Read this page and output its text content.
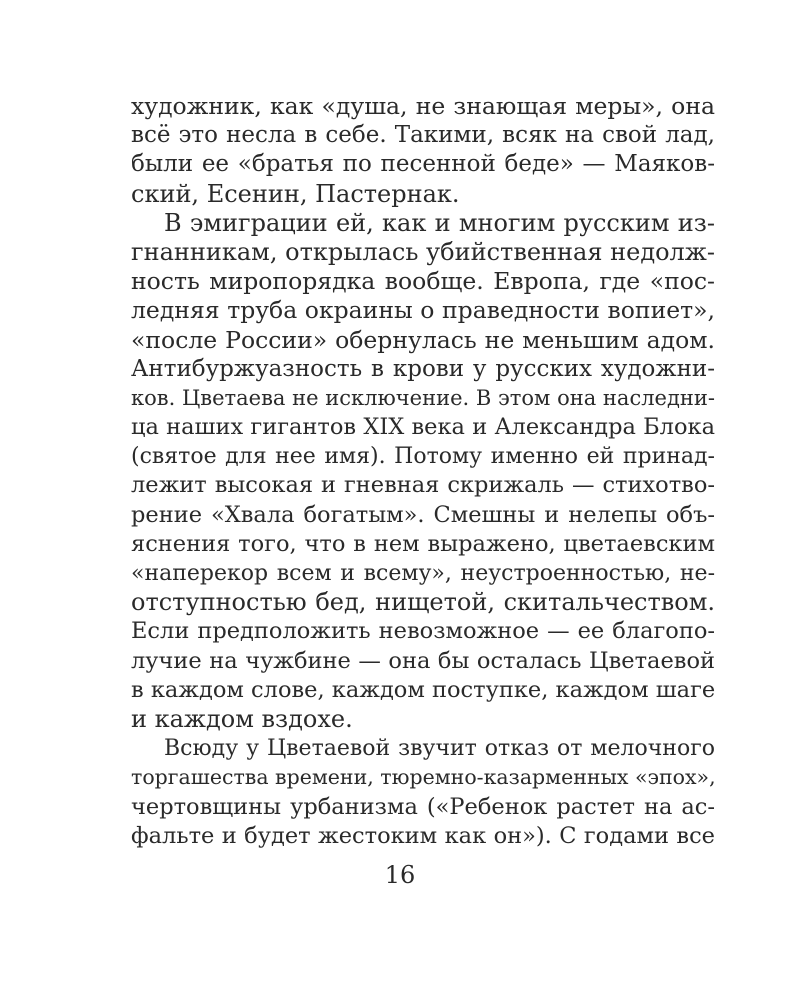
художник, как «душа, не знающая меры», она
всё это несла в себе. Такими, всяк на свой лад,
были ее «братья по песенной беде» — Маяков-
ский, Есенин, Пастернак.
В эмиграции ей, как и многим русским из-
гнанникам, открылась убийственная недолж-
ность миропорядка вообще. Европа, где «пос-
ледняя труба окраины о праведности вопиет»,
«после России» обернулась не меньшим адом.
Антибуржуазность в крови у русских художни-
ков. Цветаева не исключение. В этом она наследни-
ца наших гигантов XIX века и Александра Блока
(святое для нее имя). Потому именно ей принад-
лежит высокая и гневная скрижаль — стихотво-
рение «Хвала богатым». Смешны и нелепы объ-
яснения того, что в нем выражено, цветаевским
«наперекор всем и всему», неустроенностью, не-
отступностью бед, нищетой, скитальчеством.
Если предположить невозможное — ее благопо-
лучие на чужбине — она бы осталась Цветаевой
в каждом слове, каждом поступке, каждом шаге
и каждом вздохе.
Всюду у Цветаевой звучит отказ от мелочного
торгашества времени, тюремно-казарменных «эпох»,
чертовщины урбанизма («Ребенок растет на ас-
фальте и будет жестоким как он»). С годами все
16
